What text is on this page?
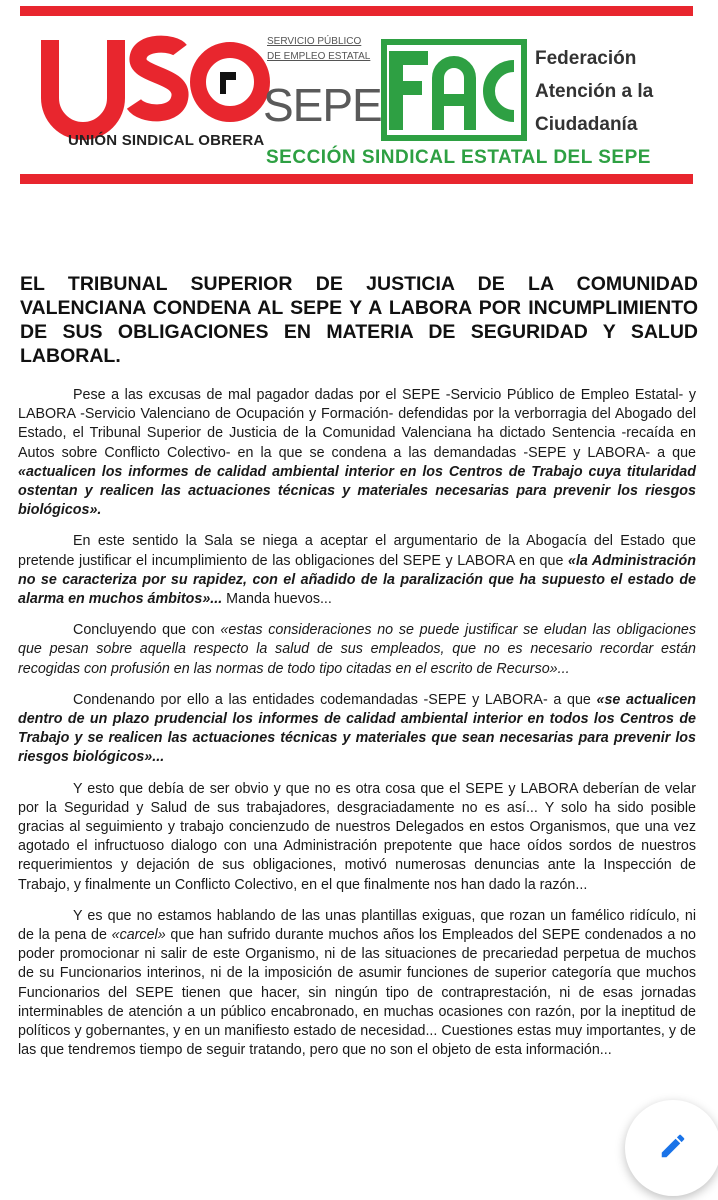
UNIÓN SINDICAL OBRERA
SERVICIO PÚBLICO
DE EMPLEO ESTATAL
SEPE
Federación
Atención a la
Ciudadanía
SECCIÓN SINDICAL ESTATAL DEL SEPE
EL TRIBUNAL SUPERIOR DE JUSTICIA DE LA COMUNIDAD VALENCIANA CONDENA AL SEPE Y A LABORA POR INCUMPLIMIENTO DE SUS OBLIGACIONES EN MATERIA DE SEGURIDAD Y SALUD LABORAL.

Pese a las excusas de mal pagador dadas por el SEPE -Servicio Público de Empleo Estatal- y LABORA -Servicio Valenciano de Ocupación y Formación- defendidas por la verborragia del Abogado del Estado, el Tribunal Superior de Justicia de la Comunidad Valenciana ha dictado Sentencia -recaída en Autos sobre Conflicto Colectivo- en la que se condena a las demandadas -SEPE y LABORA- a que «actualicen los informes de calidad ambiental interior en los Centros de Trabajo cuya titularidad ostentan y realicen las actuaciones técnicas y materiales necesarias para prevenir los riesgos biológicos».

En este sentido la Sala se niega a aceptar el argumentario de la Abogacía del Estado que pretende justificar el incumplimiento de las obligaciones del SEPE y LABORA en que «la Administración no se caracteriza por su rapidez, con el añadido de la paralización que ha supuesto el estado de alarma en muchos ámbitos»... Manda huevos...

Concluyendo que con «estas consideraciones no se puede justificar se eludan las obligaciones que pesan sobre aquella respecto la salud de sus empleados, que no es necesario recordar están recogidas con profusión en las normas de todo tipo citadas en el escrito de Recurso»...

Condenando por ello a las entidades codemandadas -SEPE y LABORA- a que «se actualicen dentro de un plazo prudencial los informes de calidad ambiental interior en todos los Centros de Trabajo y se realicen las actuaciones técnicas y materiales que sean necesarias para prevenir los riesgos biológicos»...

Y esto que debía de ser obvio y que no es otra cosa que el SEPE y LABORA deberían de velar por la Seguridad y Salud de sus trabajadores, desgraciadamente no es así... Y solo ha sido posible gracias al seguimiento y trabajo concienzudo de nuestros Delegados en estos Organismos, que una vez agotado el infructuoso dialogo con una Administración prepotente que hace oídos sordos de nuestros requerimientos y dejación de sus obligaciones, motivó numerosas denuncias ante la Inspección de Trabajo, y finalmente un Conflicto Colectivo, en el que finalmente nos han dado la razón...

Y es que no estamos hablando de las unas plantillas exiguas, que rozan un famélico ridículo, ni de la pena de «carcel» que han sufrido durante muchos años los Empleados del SEPE condenados a no poder promocionar ni salir de este Organismo, ni de las situaciones de precariedad perpetua de muchos de su Funcionarios interinos, ni de la imposición de asumir funciones de superior categoría que muchos Funcionarios del SEPE tienen que hacer, sin ningún tipo de contraprestación, ni de esas jornadas interminables de atención a un público encabronado, en muchas ocasiones con razón, por la ineptitud de políticos y gobernantes, y en un manifiesto estado de necesidad... Cuestiones estas muy importantes, y de las que tendremos tiempo de seguir tratando, pero que no son el objeto de esta información...
